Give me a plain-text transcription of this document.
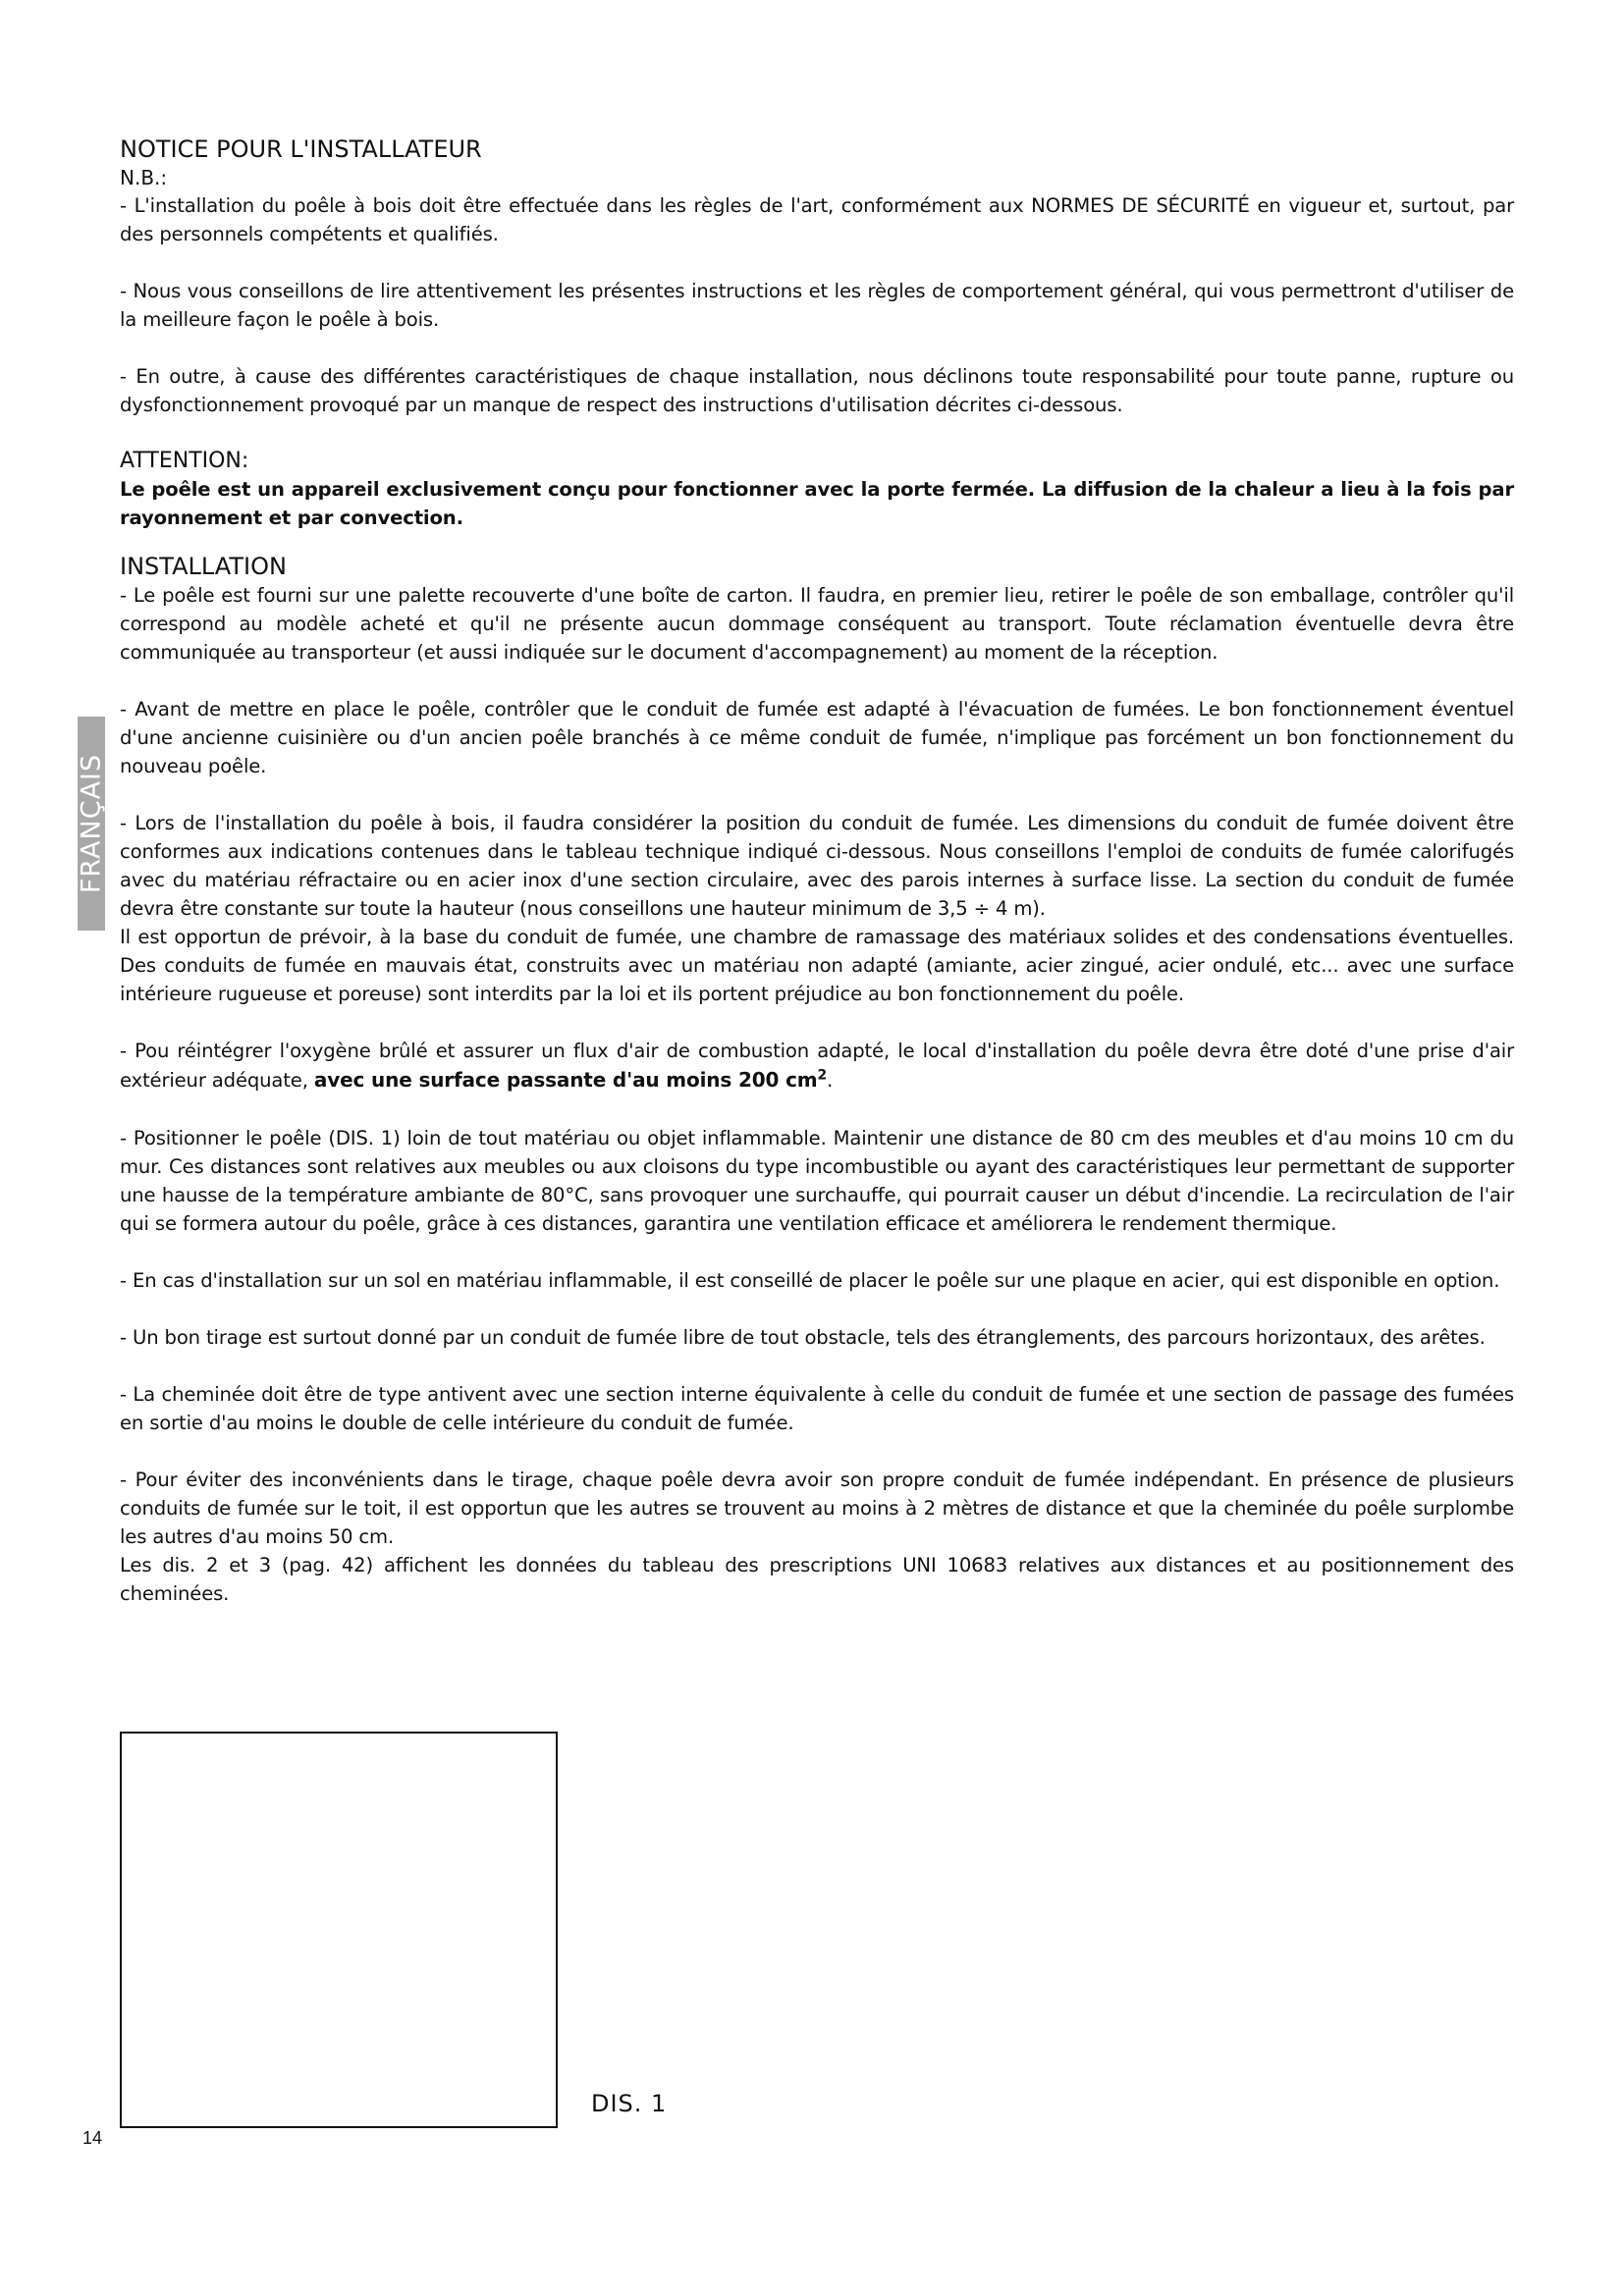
FRANÇAIS
NOTICE POUR L'INSTALLATEUR
N.B.:

- L'installation du poêle à bois doit être effectuée dans les règles de l'art, conformément aux NORMES DE SÉCURITÉ en vigueur et, surtout, par des personnels compétents et qualifiés.

- Nous vous conseillons de lire attentivement les présentes instructions et les règles de comportement général, qui vous permettront d'utiliser de la meilleure façon le poêle à bois.

- En outre, à cause des différentes caractéristiques de chaque installation, nous déclinons toute responsabilité pour toute panne, rupture ou dysfonctionnement provoqué par un manque de respect des instructions d'utilisation décrites ci-dessous.

ATTENTION:

Le poêle est un appareil exclusivement conçu pour fonctionner avec la porte fermée. La diffusion de la chaleur a lieu à la fois par rayonnement et par convection.

INSTALLATION

- Le poêle est fourni sur une palette recouverte d'une boîte de carton. Il faudra, en premier lieu, retirer le poêle de son emballage, contrôler qu'il correspond au modèle acheté et qu'il ne présente aucun dommage conséquent au transport. Toute réclamation éventuelle devra être communiquée au transporteur (et aussi indiquée sur le document d'accompagnement) au moment de la réception.

- Avant de mettre en place le poêle, contrôler que le conduit de fumée est adapté à l'évacuation de fumées. Le bon fonctionnement éventuel d'une ancienne cuisinière ou d'un ancien poêle branchés à ce même conduit de fumée, n'implique pas forcément un bon fonctionnement du nouveau poêle.

- Lors de l'installation du poêle à bois, il faudra considérer la position du conduit de fumée. Les dimensions du conduit de fumée doivent être conformes aux indications contenues dans le tableau technique indiqué ci-dessous. Nous conseillons l'emploi de conduits de fumée calorifugés avec du matériau réfractaire ou en acier inox d'une section circulaire, avec des parois internes à surface lisse. La section du conduit de fumée devra être constante sur toute la hauteur (nous conseillons une hauteur minimum de 3,5 ÷ 4 m).

Il est opportun de prévoir, à la base du conduit de fumée, une chambre de ramassage des matériaux solides et des condensations éventuelles. Des conduits de fumée en mauvais état, construits avec un matériau non adapté (amiante, acier zingué, acier ondulé, etc... avec une surface intérieure rugueuse et poreuse) sont interdits par la loi et ils portent préjudice au bon fonctionnement du poêle.

- Pou réintégrer l'oxygène brûlé et assurer un flux d'air de combustion adapté, le local d'installation du poêle devra être doté d'une prise d'air extérieur adéquate, avec une surface passante d'au moins 200 $cm^2$.

- Positionner le poêle (DIS. 1) loin de tout matériau ou objet inflammable. Maintenir une distance de 80 cm des meubles et d'au moins 10 cm du mur. Ces distances sont relatives aux meubles ou aux cloisons du type incombustible ou ayant des caractéristiques leur permettant de supporter une hausse de la température ambiante de 80°C, sans provoquer une surchauffe, qui pourrait causer un début d'incendie. La recirculation de l'air qui se formera autour du poêle, grâce à ces distances, garantira une ventilation efficace et améliorera le rendement thermique.

- En cas d'installation sur un sol en matériau inflammable, il est conseillé de placer le poêle sur une plaque en acier, qui est disponible en option.

- Un bon tirage est surtout donné par un conduit de fumée libre de tout obstacle, tels des étranglements, des parcours horizontaux, des arêtes.

- La cheminée doit être de type antivent avec une section interne équivalente à celle du conduit de fumée et une section de passage des fumées en sortie d'au moins le double de celle intérieure du conduit de fumée.

- Pour éviter des inconvénients dans le tirage, chaque poêle devra avoir son propre conduit de fumée indépendant. En présence de plusieurs conduits de fumée sur le toit, il est opportun que les autres se trouvent au moins à 2 mètres de distance et que la cheminée du poêle surplombe les autres d'au moins 50 cm.

Les dis. 2 et 3 (pag. 42) affichent les données du tableau des prescriptions UNI 10683 relatives aux distances et au positionnement des cheminées.

DIS. 1
14
